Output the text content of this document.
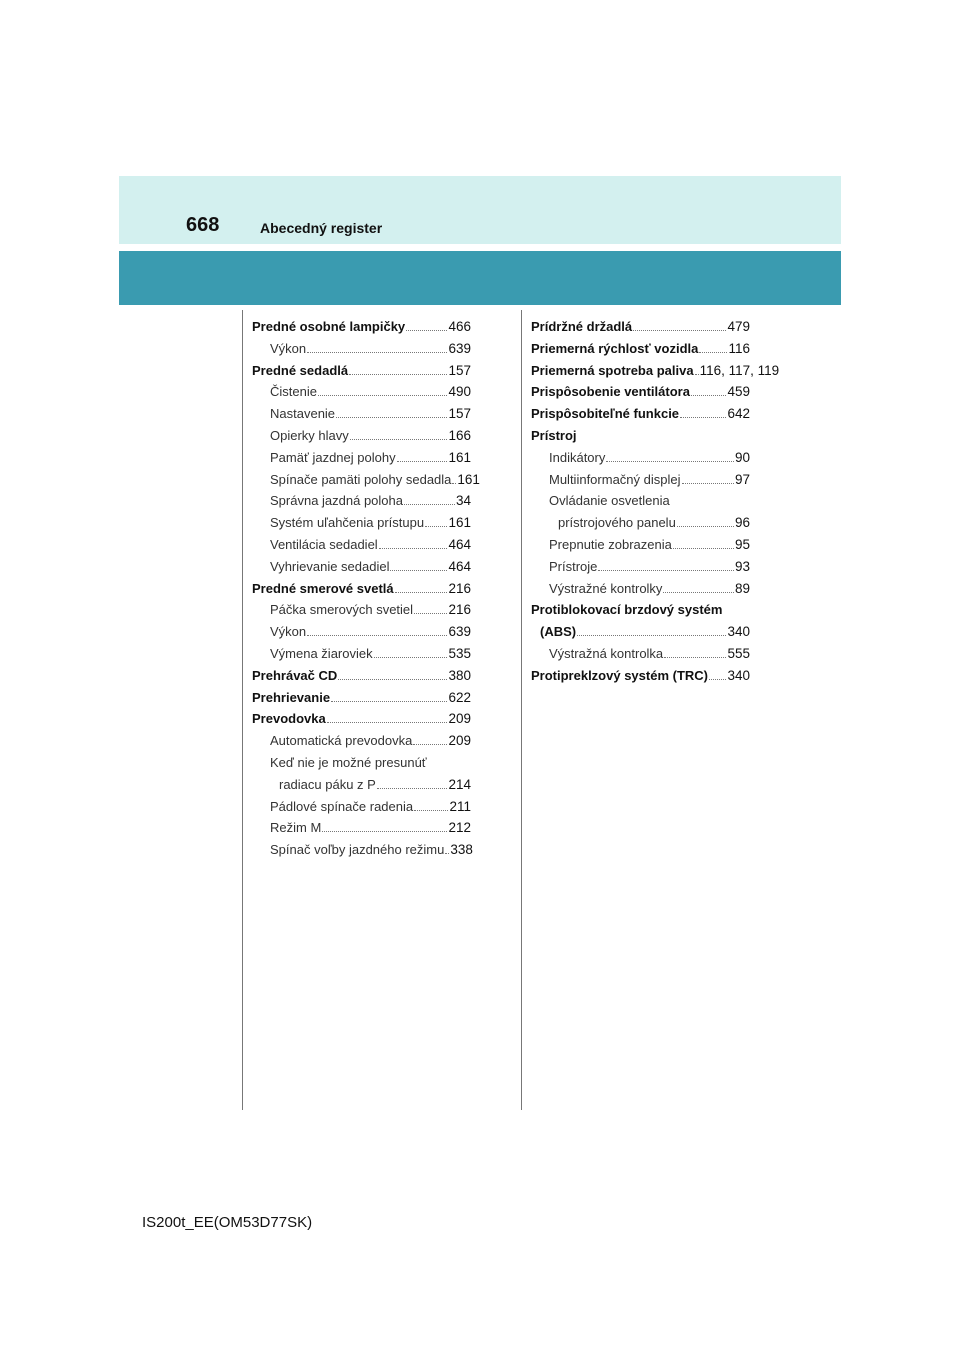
668	Abecedný register
Predné osobné lampičky	466
Výkon	639
Predné sedadlá	157
Čistenie	490
Nastavenie	157
Opierky hlavy	166
Pamäť jazdnej polohy	161
Spínače pamäti polohy sedadla 161
Správna jazdná poloha	34
Systém uľahčenia prístupu 161
Ventilácia sedadiel	464
Vyhrievanie sedadiel	464
Predné smerové svetlá	216
Páčka smerových svetiel	216
Výkon	639
Výmena žiaroviek	535
Prehrávač CD	380
Prehrievanie	622
Prevodovka	209
Automatická prevodovka	209
Keď nie je možné presunúť
radiacu páku z P	214
Pádlové spínače radenia	211
Režim M	212
Spínač voľby jazdného režimu 338
Prídržné držadlá	479
Priemerná rýchlosť vozidla 116
Priemerná spotreba paliva 116, 117, 119
Prispôsobenie ventilátora	459
Prispôsobiteľné funkcie	642
Prístroj
Indikátory	90
Multiinformačný displej	97
Ovládanie osvetlenia
prístrojového panelu	96
Prepnutie zobrazenia	95
Prístroje	93
Výstražné kontrolky	89
Protiblokovací brzdový systém
(ABS)	340
Výstražná kontrolka	555
Protipreklzový systém (TRC) 340
IS200t_EE(OM53D77SK)
